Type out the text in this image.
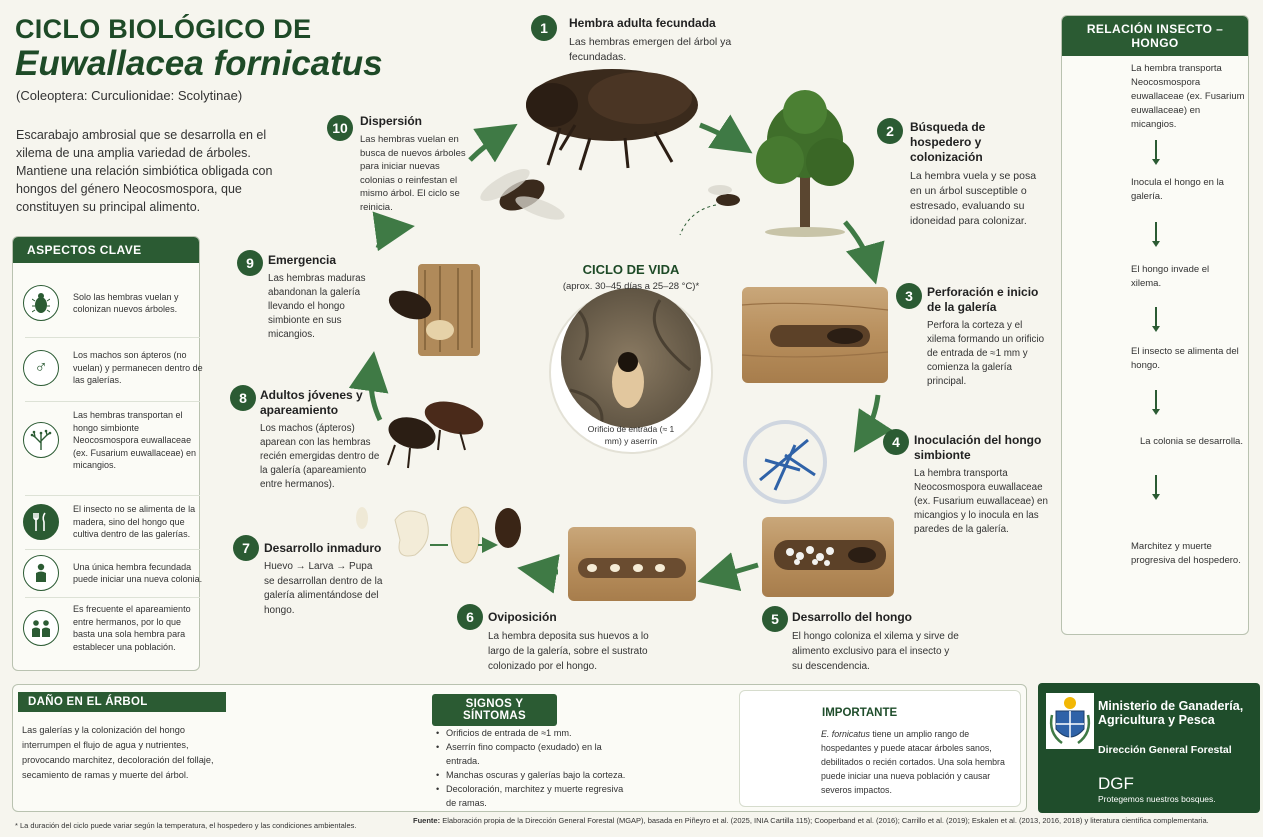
CICLO BIOLÓGICO DE
Euwallacea fornicatus
(Coleoptera: Curculionidae: Scolytinae)
Escarabajo ambrosial que se desarrolla en el xilema de una amplia variedad de árboles. Mantiene una relación simbiótica obligada con hongos del género Neocosmospora, que constituyen su principal alimento.
ASPECTOS CLAVE
Solo las hembras vuelan y colonizan nuevos árboles.
♂
Los machos son ápteros (no vuelan) y permanecen dentro de las galerías.
Las hembras transportan el hongo simbionte Neocosmospora euwallaceae (ex. Fusarium euwallaceae) en micangios.
El insecto no se alimenta de la madera, sino del hongo que cultiva dentro de las galerías.
Una única hembra fecundada puede iniciar una nueva colonia.
Es frecuente el apareamiento entre hermanos, por lo que basta una sola hembra para establecer una población.
1	Hembra adulta fecundada
Las hembras emergen del árbol ya fecundadas.
2	Búsqueda de hospedero y colonización
La hembra vuela y se posa en un árbol susceptible o estresado, evaluando su idoneidad para colonizar.
3	Perforación e inicio de la galería
Perfora la corteza y el xilema formando un orificio de entrada de ≈1 mm y comienza la galería principal.
4	Inoculación del hongo simbionte
La hembra transporta Neocosmospora euwallaceae (ex. Fusarium euwallaceae) en micangios y lo inocula en las paredes de la galería.
5	Desarrollo del hongo
El hongo coloniza el xilema y sirve de alimento exclusivo para el insecto y su descendencia.
6	Oviposición
La hembra deposita sus huevos a lo largo de la galería, sobre el sustrato colonizado por el hongo.
7	Desarrollo inmaduro
Huevo → Larva → Pupa se desarrollan dentro de la galería alimentándose del hongo.
8	Adultos jóvenes y apareamiento
Los machos (ápteros) aparean con las hembras recién emergidas dentro de la galería (apareamiento entre hermanos).
9	Emergencia
Las hembras maduras abandonan la galería llevando el hongo simbionte en sus micangios.
10	Dispersión
Las hembras vuelan en busca de nuevos árboles para iniciar nuevas colonias o reinfestan el mismo árbol. El ciclo se reinicia.
CICLO DE VIDA
(aprox. 30–45 días a 25–28 °C)*
Orificio de entrada (≈ 1 mm) y aserrín
RELACIÓN INSECTO – HONGO
La hembra transporta Neocosmospora euwallaceae (ex. Fusarium euwallaceae) en micangios.
Inocula el hongo en la galería.
El hongo invade el xilema.
El insecto se alimenta del hongo.
La colonia se desarrolla.
Marchitez y muerte progresiva del hospedero.
DAÑO EN EL ÁRBOL
Las galerías y la colonización del hongo interrumpen el flujo de agua y nutrientes, provocando marchitez, decoloración del follaje, secamiento de ramas y muerte del árbol.
SIGNOS Y SÍNTOMAS
• Orificios de entrada de ≈1 mm.
• Aserrín fino compacto (exudado) en la entrada.
• Manchas oscuras y galerías bajo la corteza.
• Decoloración, marchitez y muerte regresiva de ramas.
IMPORTANTE
E. fornicatus tiene un amplio rango de hospedantes y puede atacar árboles sanos, debilitados o recién cortados. Una sola hembra puede iniciar una nueva población y causar severos impactos.
Ministerio de Ganadería, Agricultura y Pesca
Dirección General Forestal
DGF
Protegemos nuestros bosques.
* La duración del ciclo puede variar según la temperatura, el hospedero y las condiciones ambientales.
Fuente: Elaboración propia de la Dirección General Forestal (MGAP), basada en Piñeyro et al. (2025, INIA Cartilla 115); Cooperband et al. (2016); Carrillo et al. (2019); Eskalen et al. (2013, 2016, 2018) y literatura científica complementaria.
